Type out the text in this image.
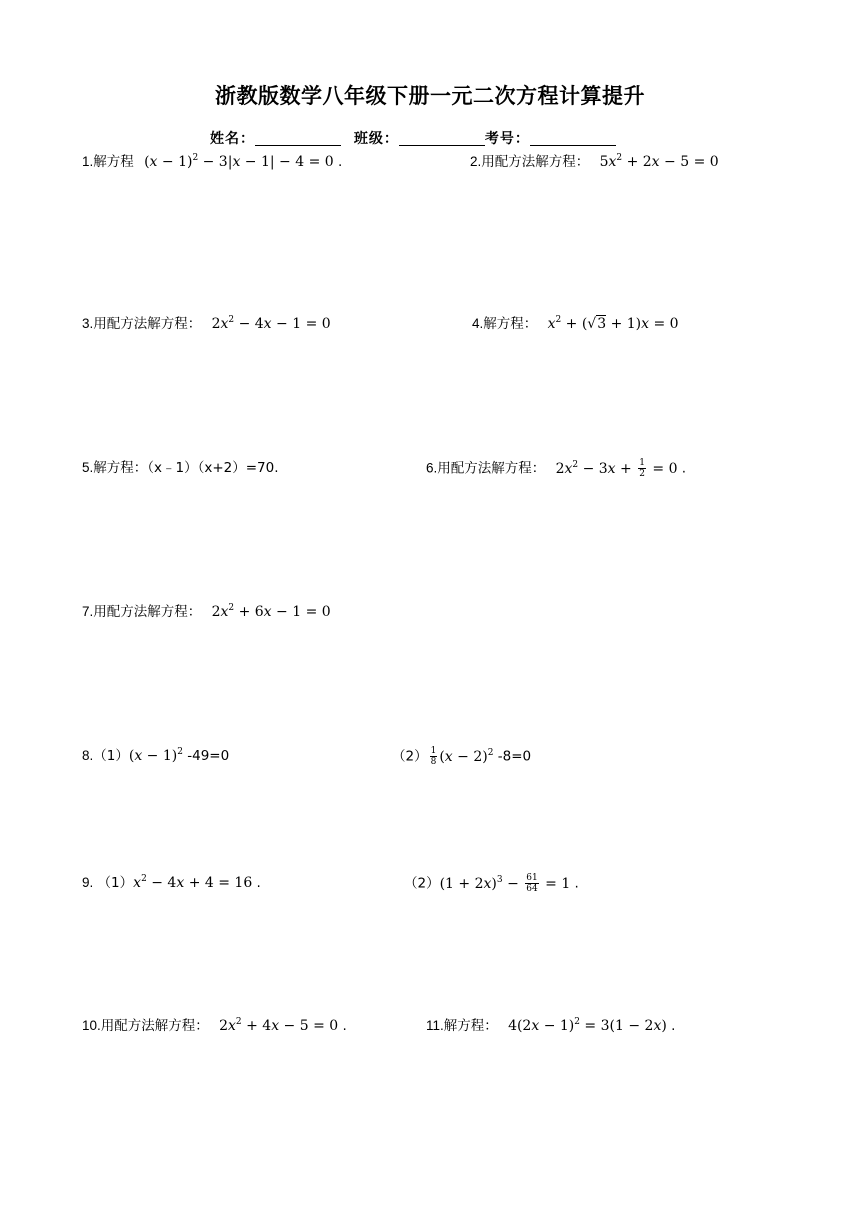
浙教版数学八年级下册一元二次方程计算提升
姓名：	班级：	考号：
1.解方程 $(x - 1)^2 - 3|x - 1| - 4 = 0$ .	2.用配方法解方程： $5x^2 + 2x - 5 = 0$
3.用配方法解方程： $2x^2 - 4x - 1 = 0$	4.解方程： $x^2 + (√3 + 1)x = 0$
5.解方程：（x﹣1）（x+2）=70.	6.用配方法解方程： $2x^2 - 3x + \frac{1}{2} = 0$ .
7.用配方法解方程： $2x^2 + 6x - 1 = 0$
$8.(1)(x - 1)^2$ -49=0	$(2) \frac{1}{8} (x - 2)^2$ -8=0
9. $(1)x^2 - 4x + 4 = 16$ .	$(2)(1 + 2x)^3 - \frac{61}{64} = 1$ .
10.用配方法解方程： $2x^2 + 4x - 5 = 0$ .	11.解方程： $4(2x - 1)^2 = 3(1 - 2x)$ .
